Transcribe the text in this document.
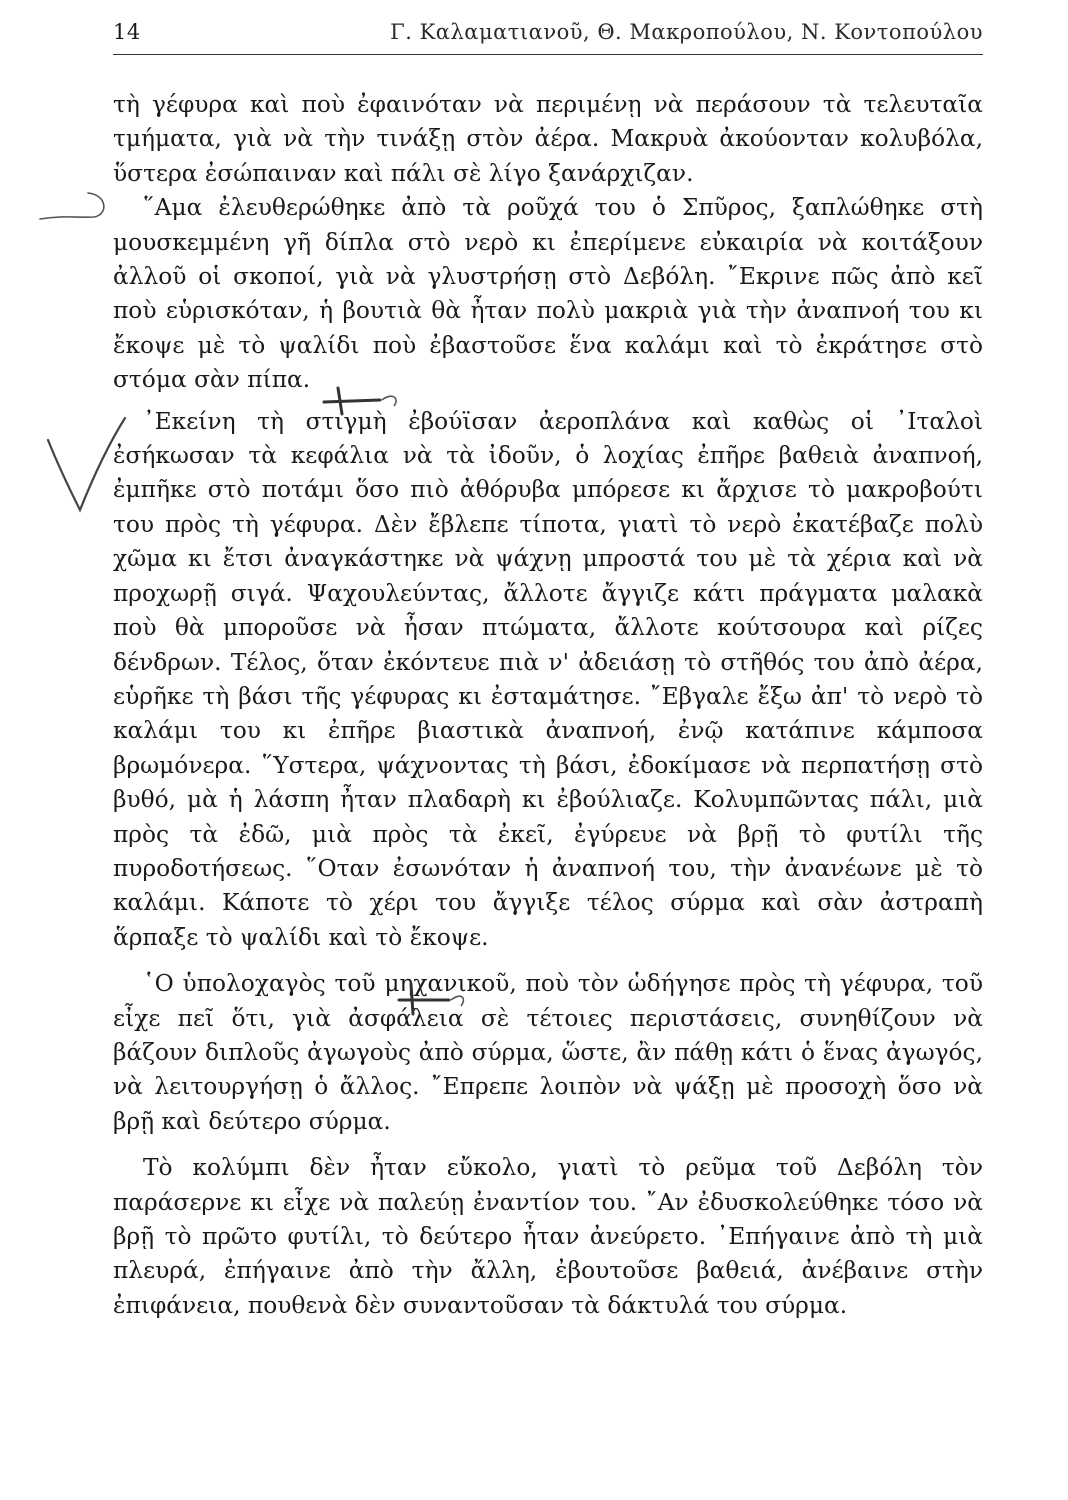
14	Γ. Καλαματιανοῦ, Θ. Μακροπούλου, Ν. Κοντοπούλου

τὴ γέφυρα καὶ ποὺ ἐφαινόταν νὰ περιμένῃ νὰ περάσουν τὰ τελευταῖα τμήματα, γιὰ νὰ τὴν τινάξῃ στὸν ἀέρα. Μακρυὰ ἀκούονταν κολυβόλα, ὕστερα ἐσώπαιναν καὶ πάλι σὲ λίγο ξανάρχιζαν.

῞Αμα ἐλευθερώθηκε ἀπὸ τὰ ροῦχά του ὁ Σπῦρος, ξαπλώθηκε στὴ μουσκεμμένη γῆ δίπλα στὸ νερὸ κι ἐπερίμενε εὐκαιρία νὰ κοιτάξουν ἀλλοῦ οἱ σκοποί, γιὰ νὰ γλυστρήσῃ στὸ Δεβόλη. ῎Εκρινε πῶς ἀπὸ κεῖ ποὺ εὑρισκόταν, ἡ βουτιὰ θὰ ἦταν πολὺ μακριὰ γιὰ τὴν ἀναπνοή του κι ἔκοψε μὲ τὸ ψαλίδι ποὺ ἐβαστοῦσε ἕνα καλάμι καὶ τὸ ἐκράτησε στὸ στόμα σὰν πίπα.

᾿Εκείνη τὴ στιγμὴ ἐβούϊσαν ἀεροπλάνα καὶ καθὼς οἱ ᾿Ιταλοὶ ἐσήκωσαν τὰ κεφάλια νὰ τὰ ἰδοῦν, ὁ λοχίας ἐπῆρε βαθειὰ ἀναπνοή, ἐμπῆκε στὸ ποτάμι ὅσο πιὸ ἀθόρυβα μπόρεσε κι ἄρχισε τὸ μακροβούτι του πρὸς τὴ γέφυρα. Δὲν ἔβλεπε τίποτα, γιατὶ τὸ νερὸ ἐκατέβαζε πολὺ χῶμα κι ἔτσι ἀναγκάστηκε νὰ ψάχνῃ μπροστά του μὲ τὰ χέρια καὶ νὰ προχωρῇ σιγά. Ψαχουλεύντας, ἄλλοτε ἄγγιζε κάτι πράγματα μαλακὰ ποὺ θὰ μποροῦσε νὰ ἦσαν πτώματα, ἄλλοτε κούτσουρα καὶ ρίζες δένδρων. Τέλος, ὅταν ἐκόντευε πιὰ ν' ἀδειάσῃ τὸ στῆθός του ἀπὸ ἀέρα, εὑρῆκε τὴ βάσι τῆς γέφυρας κι ἐσταμάτησε. ῎Εβγαλε ἔξω ἀπ' τὸ νερὸ τὸ καλάμι του κι ἐπῆρε βιαστικὰ ἀναπνοή, ἐνῷ κατάπινε κάμποσα βρωμόνερα. ῞Υστερα, ψάχνοντας τὴ βάσι, ἐδοκίμασε νὰ περπατήσῃ στὸ βυθό, μὰ ἡ λάσπη ἦταν πλαδαρὴ κι ἐβούλιαζε. Κολυμπῶντας πάλι, μιὰ πρὸς τὰ ἐδῶ, μιὰ πρὸς τὰ ἐκεῖ, ἐγύρευε νὰ βρῇ τὸ φυτίλι τῆς πυροδοτήσεως. ῞Οταν ἐσωνόταν ἡ ἀναπνοή του, τὴν ἀνανέωνε μὲ τὸ καλάμι. Κάποτε τὸ χέρι του ἄγγιξε τέλος σύρμα καὶ σὰν ἀστραπὴ ἅρπαξε τὸ ψαλίδι καὶ τὸ ἔκοψε.

῾Ο ὑπολοχαγὸς τοῦ μηχανικοῦ, ποὺ τὸν ὡδήγησε πρὸς τὴ γέφυρα, τοῦ εἶχε πεῖ ὅτι, γιὰ ἀσφάλεια σὲ τέτοιες περιστάσεις, συνηθίζουν νὰ βάζουν διπλοῦς ἀγωγοὺς ἀπὸ σύρμα, ὥστε, ἂν πάθῃ κάτι ὁ ἕνας ἀγωγός, νὰ λειτουργήσῃ ὁ ἄλλος. ῎Επρεπε λοιπὸν νὰ ψάξῃ μὲ προσοχὴ ὅσο νὰ βρῇ καὶ δεύτερο σύρμα.

Τὸ κολύμπι δὲν ἦταν εὔκολο, γιατὶ τὸ ρεῦμα τοῦ Δεβόλη τὸν παράσερνε κι εἶχε νὰ παλεύῃ ἐναντίον του. ῎Αν ἐδυσκολεύθηκε τόσο νὰ βρῇ τὸ πρῶτο φυτίλι, τὸ δεύτερο ἦταν ἀνεύρετο. ᾿Επήγαινε ἀπὸ τὴ μιὰ πλευρά, ἐπήγαινε ἀπὸ τὴν ἄλλη, ἐβουτοῦσε βαθειά, ἀνέβαινε στὴν ἐπιφάνεια, πουθενὰ δὲν συναντοῦσαν τὰ δάκτυλά του σύρμα.
